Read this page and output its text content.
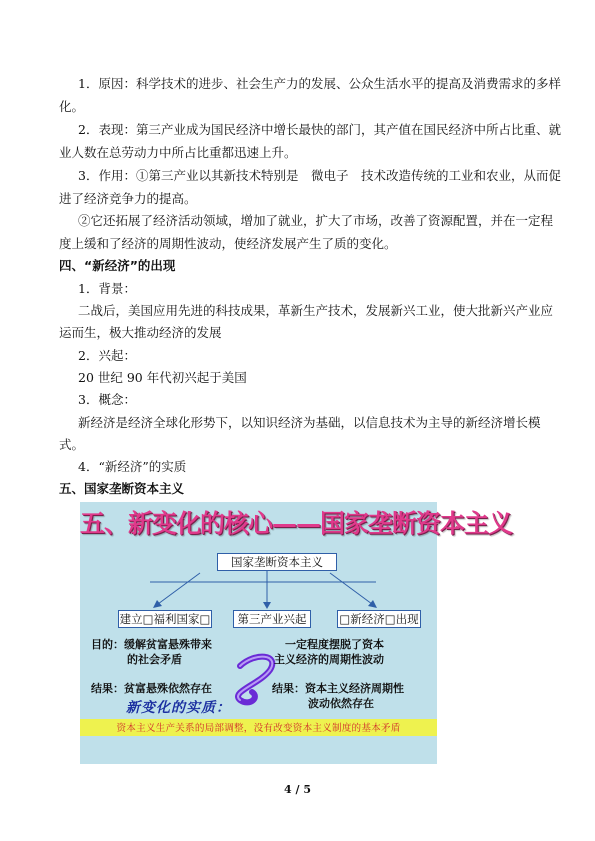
1．原因：科学技术的进步、社会生产力的发展、公众生活水平的提高及消费需求的多样
化。
2．表现：第三产业成为国民经济中增长最快的部门，其产值在国民经济中所占比重、就
业人数在总劳动力中所占比重都迅速上升。
3．作用：①第三产业以其新技术特别是　微电子　技术改造传统的工业和农业，从而促
进了经济竞争力的提高。
②它还拓展了经济活动领域，增加了就业，扩大了市场，改善了资源配置，并在一定程
度上缓和了经济的周期性波动，使经济发展产生了质的变化。
四、“新经济”的出现
1．背景：
二战后，美国应用先进的科技成果，革新生产技术，发展新兴工业，使大批新兴产业应
运而生，极大推动经济的发展
2．兴起：
20 世纪 90 年代初兴起于美国
3．概念：
新经济是经济全球化形势下，以知识经济为基础，以信息技术为主导的新经济增长模
式。
4．“新经济”的实质
五、国家垄断资本主义
五、新变化的核心——国家垄断资本主义
国家垄断资本主义
建立□福利国家□	第三产业兴起	□新经济□出现
目的：缓解贫富悬殊带来
的社会矛盾
一定程度摆脱了资本
主义经济的周期性波动
结果：贫富悬殊依然存在	结果：资本主义经济周期性
波动依然存在
新变化的实质：
资本主义生产关系的局部调整，没有改变资本主义制度的基本矛盾
4 / 5
